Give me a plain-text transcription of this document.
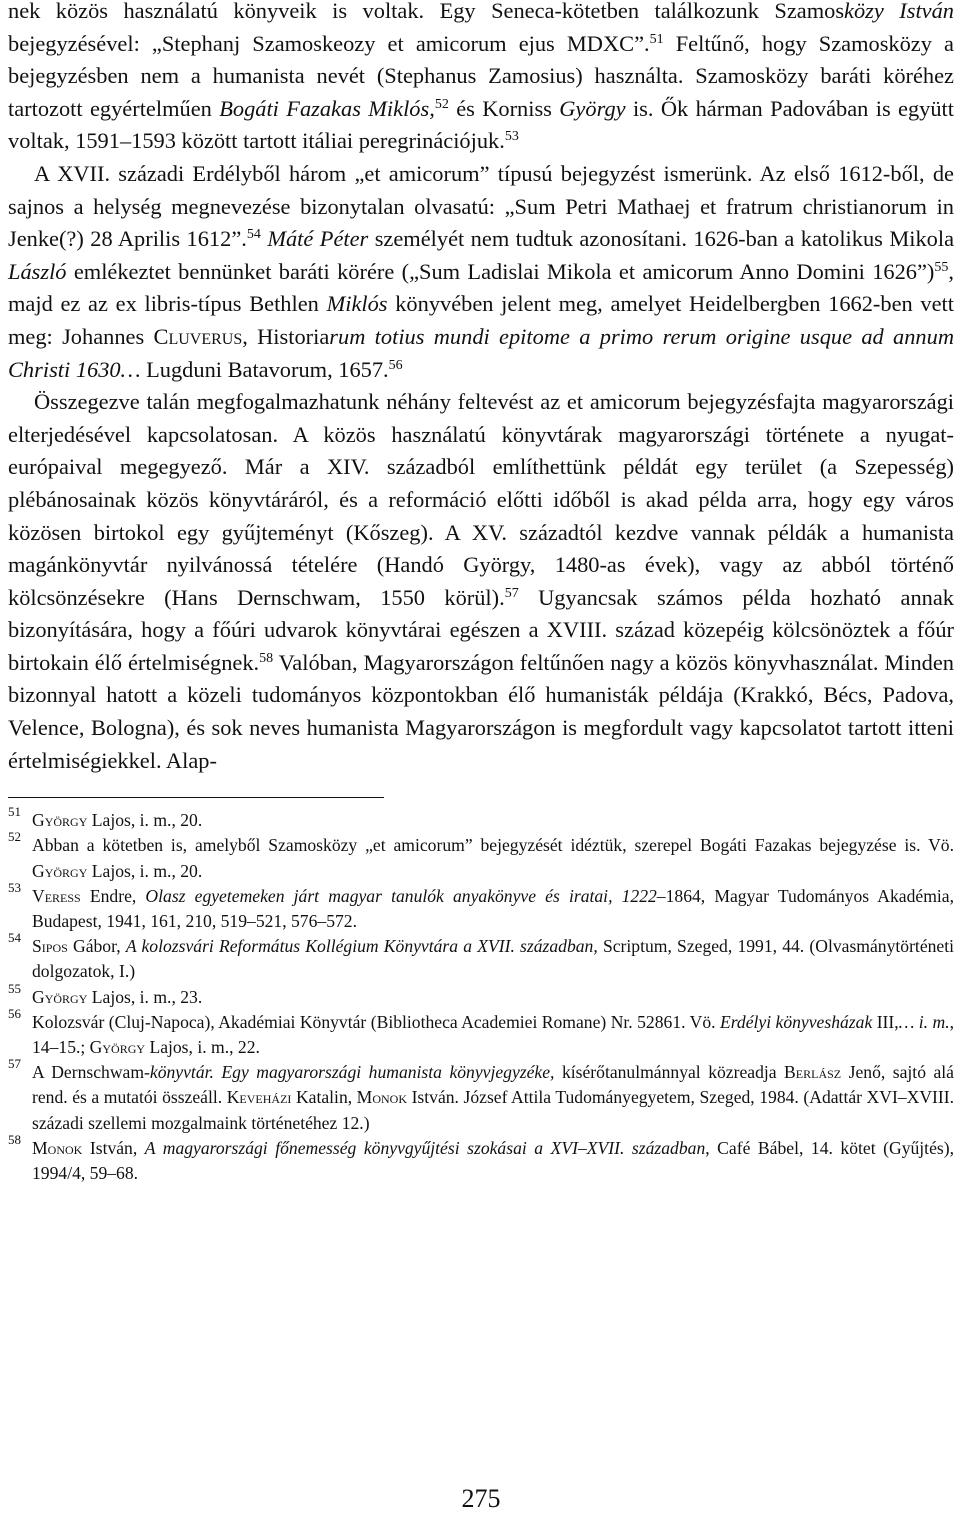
nek közös használatú könyveik is voltak. Egy Seneca-kötetben találkozunk Szamosközy István bejegyzésével: „Stephanj Szamoskeozy et amicorum ejus MDXC”.$^{51}$ Feltűnő, hogy Szamosközy a bejegyzésben nem a humanista nevét (Stephanus Zamosius) használta. Szamosközy baráti köréhez tartozott egyértelműen Bogáti Fazakas Miklós,$^{52}$ és Korniss György is. Ők hárman Padovában is együtt voltak, 1591–1593 között tartott itáliai peregrinációjuk.$^{53}$

A XVII. századi Erdélyből három „et amicorum” típusú bejegyzést ismerünk. Az első 1612-ből, de sajnos a helység megnevezése bizonytalan olvasatú: „Sum Petri Mathaej et fratrum christianorum in Jenke(?) 28 Aprilis 1612”.$^{54}$ Máté Péter személyét nem tudtuk azonosítani. 1626-ban a katolikus Mikola László emlékeztet bennünket baráti körére („Sum Ladislai Mikola et amicorum Anno Domini 1626”)$^{55}$, majd ez az ex libris-típus Bethlen Miklós könyvében jelent meg, amelyet Heidelbergben 1662-ben vett meg: Johannes Cluverus, Historiarum totius mundi epitome a primo rerum origine usque ad annum Christi 1630… Lugduni Batavorum, 1657.56

Összegezve talán megfogalmazhatunk néhány feltevést az et amicorum bejegyzésfajta magyarországi elterjedésével kapcsolatosan. A közös használatú könyvtárak magyarországi története a nyugat-európaival megegyező. Már a XIV. századból említhettünk példát egy terület (a Szepesség) plébánosainak közös könyvtáráról, és a reformáció előtti időből is akad példa arra, hogy egy város közösen birtokol egy gyűjteményt (Kőszeg). A XV. századtól kezdve vannak példák a humanista magánkönyvtár nyilvánossá tételére (Handó György, 1480-as évek), vagy az abból történő kölcsönzésekre (Hans Dernschwam, 1550 körül).$^{57}$ Ugyancsak számos példa hozható annak bizonyítására, hogy a főúri udvarok könyvtárai egészen a XVIII. század közepéig kölcsönöztek a főúr birtokain élő értelmiségnek.$^{58}$ Valóban, Magyarországon feltűnően nagy a közös könyvhasználat. Minden bizonnyal hatott a közeli tudományos központokban élő humanisták példája (Krakkó, Bécs, Padova, Velence, Bologna), és sok neves humanista Magyarországon is megfordult vagy kapcsolatot tartott itteni értelmiségiekkel. Alap-

51 György Lajos, i. m., 20.
52 Abban a kötetben is, amelyből Szamosközy „et amicorum” bejegyzését idéztük, szerepel Bogáti Fazakas bejegyzése is. Vö. György Lajos, i. m., 20.
53 Veress Endre, Olasz egyetemeken járt magyar tanulók anyakönyve és iratai, 1222–1864, Magyar Tudományos Akadémia, Budapest, 1941, 161, 210, 519–521, 576–572.
54 Sipos Gábor, A kolozsvári Református Kollégium Könyvtára a XVII. században, Scriptum, Szeged, 1991, 44. (Olvasmánytörténeti dolgozatok, I.)
55 György Lajos, i. m., 23.
56 Kolozsvár (Cluj-Napoca), Akadémiai Könyvtár (Bibliotheca Academiei Romane) Nr. 52861. Vö. Erdélyi könyvesházak III,… i. m., 14–15.; György Lajos, i. m., 22.
57 A Dernschwam-könyvtár. Egy magyarországi humanista könyvjegyzéke, kísérőtanulmánnyal közreadja Berlász Jenő, sajtó alá rend. és a mutatói összeáll. Keveházi Katalin, Monok István. József Attila Tudományegyetem, Szeged, 1984. (Adattár XVI–XVIII. századi szellemi mozgalmaink történetéhez 12.)
58 Monok István, A magyarországi főnemesség könyvgyűjtési szokásai a XVI–XVII. században, Café Bábel, 14. kötet (Gyűjtés), 1994/4, 59–68.
275
